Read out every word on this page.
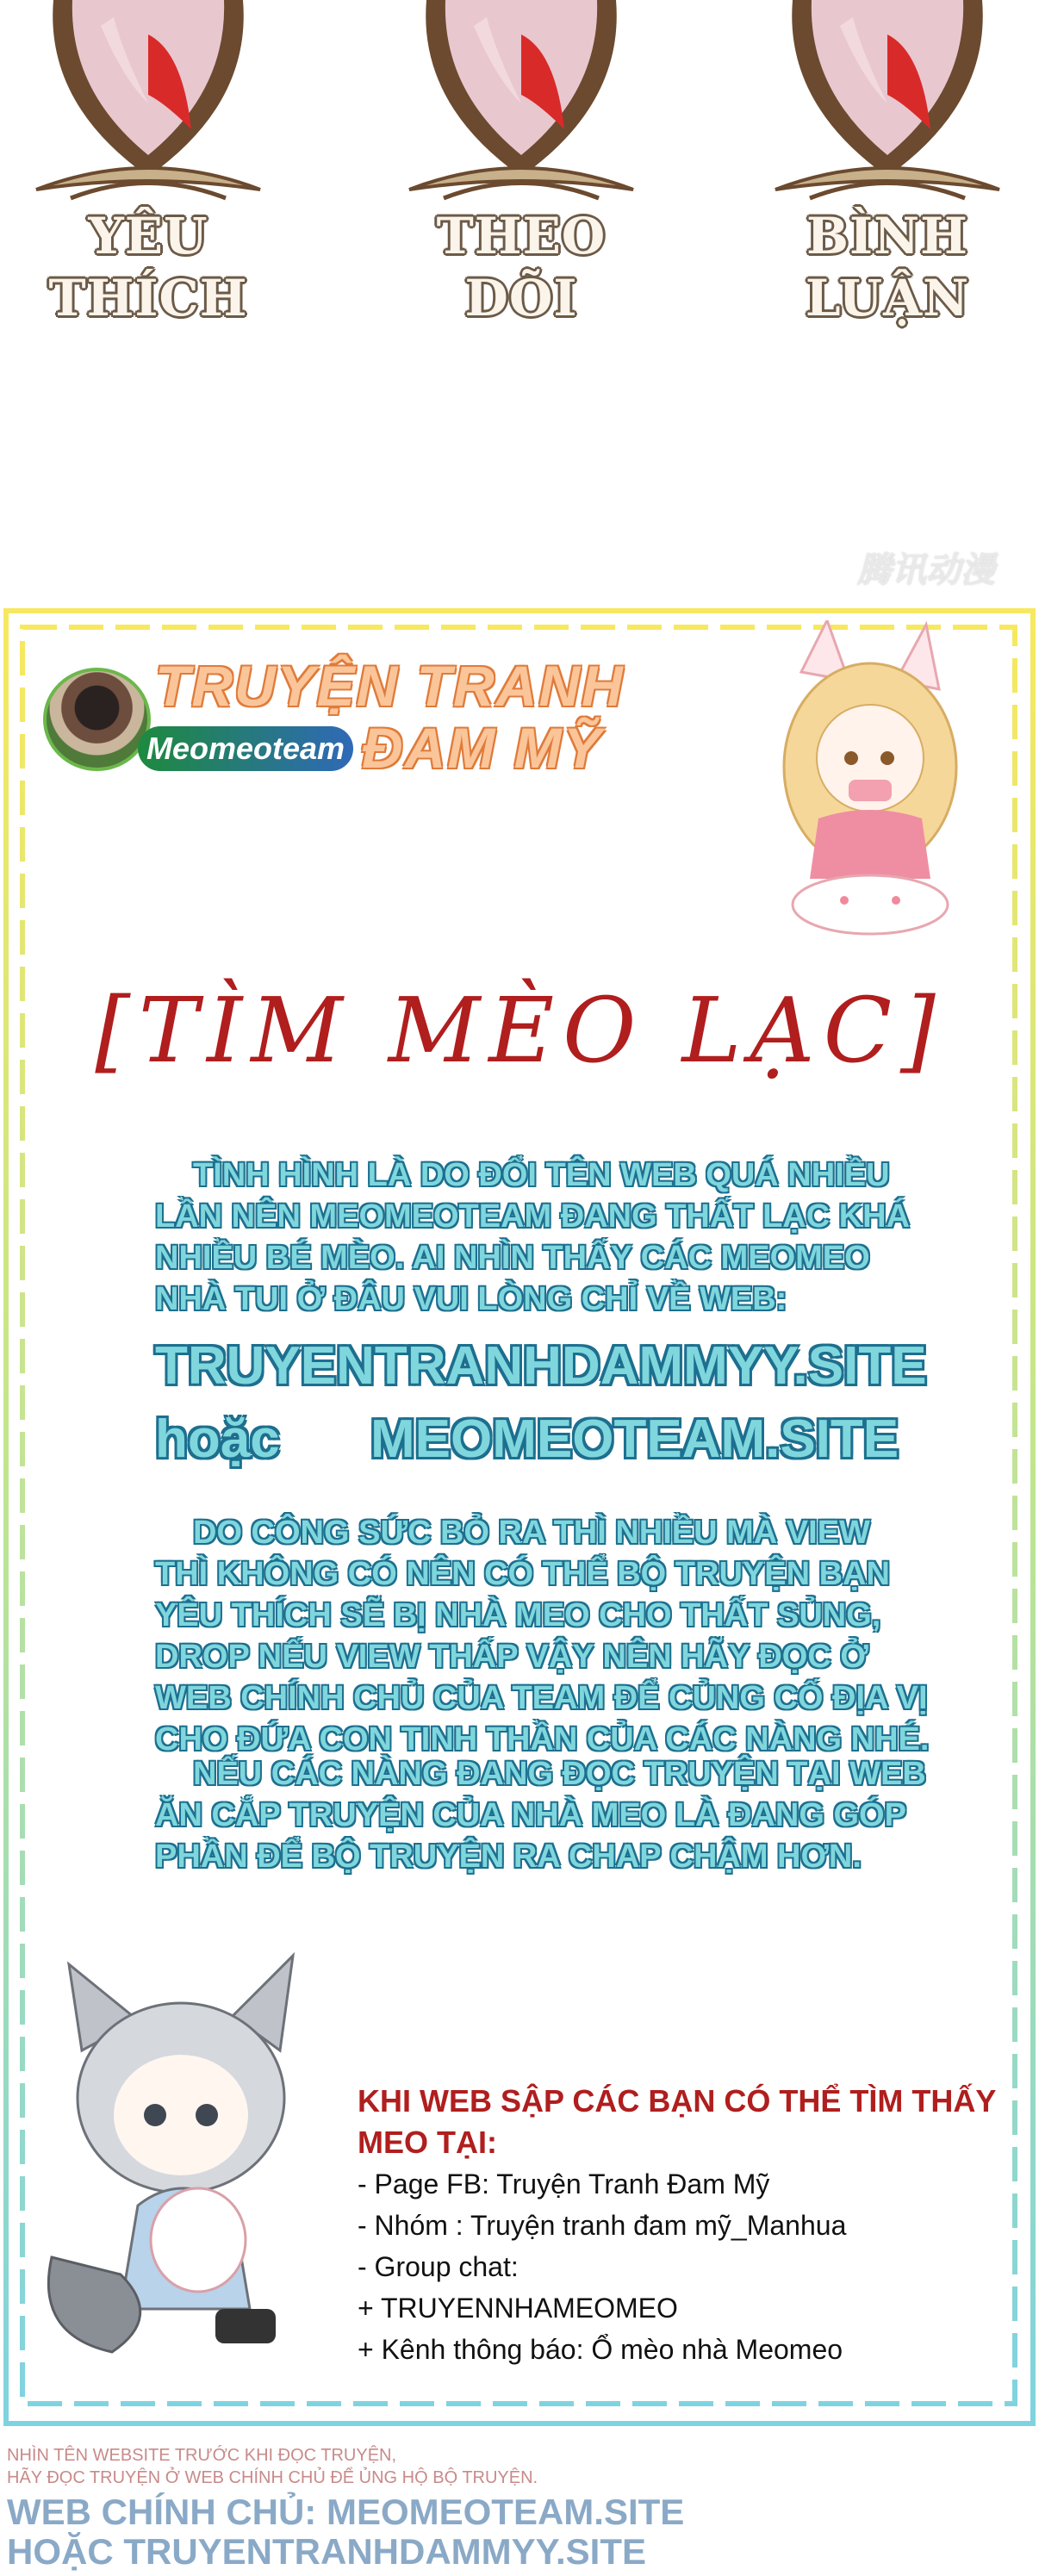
YÊU
THÍCH
THEO
DÕI
BÌNH
LUẬN
腾讯动漫
Meomeoteam
TRUYỆN TRANH
ĐAM MỸ
[TÌM MÈO LẠC]
TÌNH HÌNH LÀ DO ĐỔI TÊN WEB QUÁ NHIỀU LẦN NÊN MEOMEOTEAM ĐANG THẤT LẠC KHÁ NHIỀU BÉ MÈO. AI NHÌN THẤY CÁC MEOMEO NHÀ TUI Ở ĐÂU VUI LÒNG CHỈ VỀ WEB:
TRUYENTRANHDAMMYY.SITE
hoặc MEOMEOTEAM.SITE
DO CÔNG SỨC BỎ RA THÌ NHIỀU MÀ VIEW THÌ KHÔNG CÓ NÊN CÓ THỂ BỘ TRUYỆN BẠN YÊU THÍCH SẼ BỊ NHÀ MEO CHO THẤT SỦNG, DROP NẾU VIEW THẤP VẬY NÊN HÃY ĐỌC Ở WEB CHÍNH CHỦ CỦA TEAM ĐỂ CỦNG CỐ ĐỊA VỊ CHO ĐỨA CON TINH THẦN CỦA CÁC NÀNG NHÉ.
NẾU CÁC NÀNG ĐANG ĐỌC TRUYỆN TẠI WEB ĂN CẮP TRUYỆN CỦA NHÀ MEO LÀ ĐANG GÓP PHẦN ĐỂ BỘ TRUYỆN RA CHAP CHẬM HƠN.
KHI WEB SẬP CÁC BẠN CÓ THỂ TÌM THẤY MEO TẠI:
- Page FB: Truyện Tranh Đam Mỹ
- Nhóm : Truyện tranh đam mỹ_Manhua
- Group chat:
+ TRUYENNHAMEOMEO
+ Kênh thông báo: Ổ mèo nhà Meomeo
NHÌN TÊN WEBSITE TRƯỚC KHI ĐỌC TRUYỆN,
HÃY ĐỌC TRUYỆN Ở WEB CHÍNH CHỦ ĐỂ ỦNG HỘ BỘ TRUYỆN.
WEB CHÍNH CHỦ: MEOMEOTEAM.SITE
HOẶC TRUYENTRANHDAMMYY.SITE
